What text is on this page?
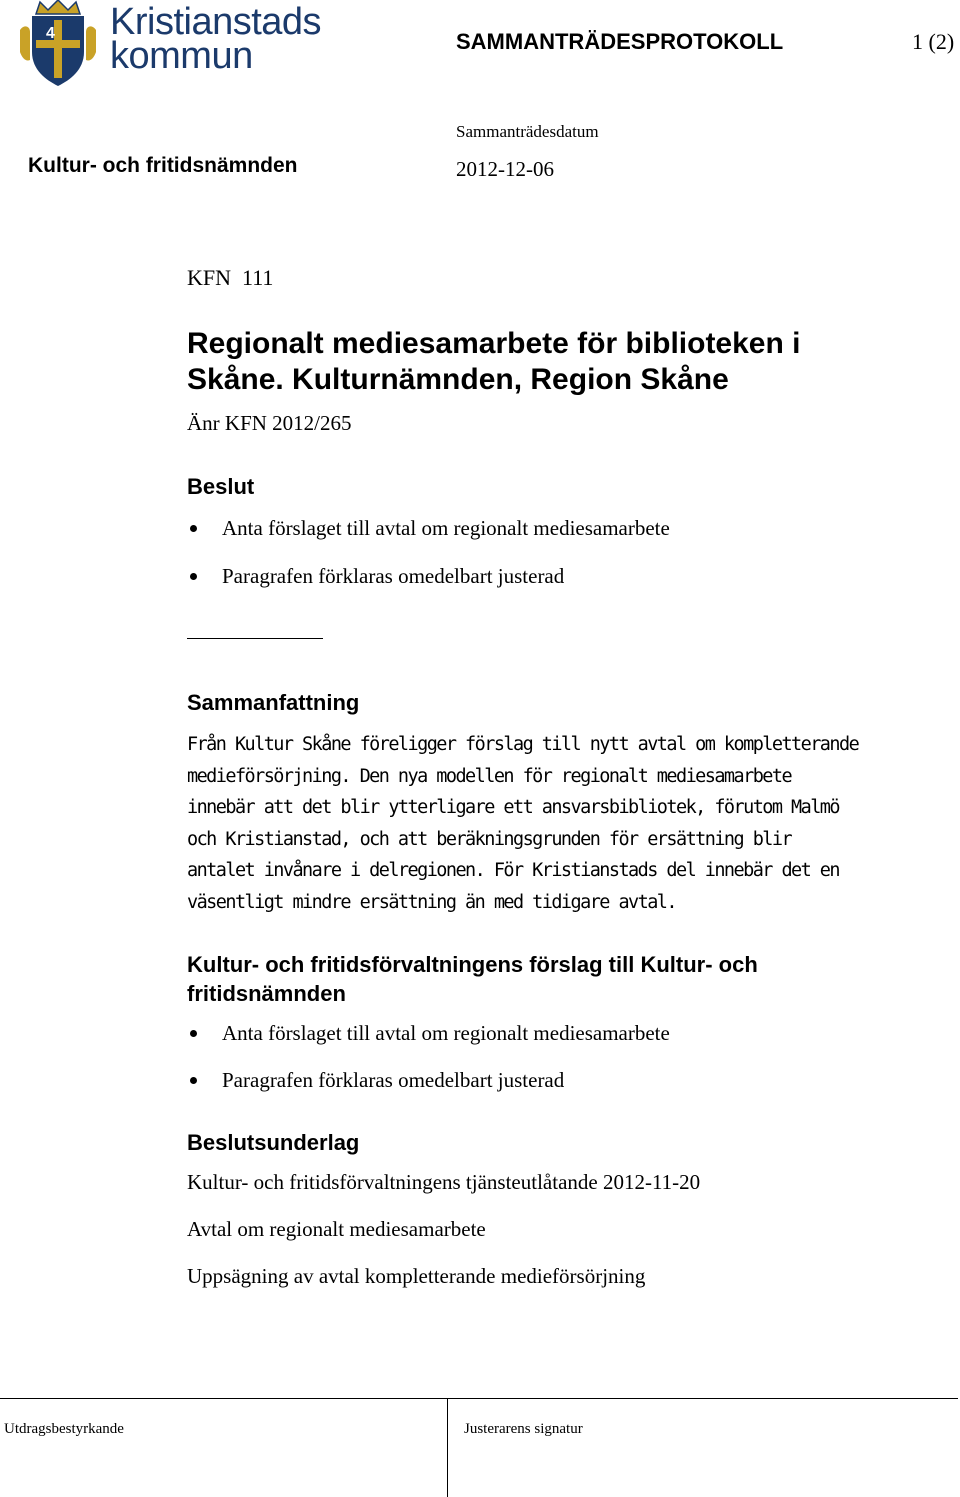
4 Kristianstads
kommun	SAMMANTRÄDESPROTOKOLL	1 (2)
Sammanträdesdatum
Kultur- och fritidsnämnden	2012-12-06
KFN  111
Regionalt mediesamarbete för biblioteken i Skåne. Kulturnämnden, Region Skåne
Änr KFN 2012/265
Beslut
Anta förslaget till avtal om regionalt mediesamarbete
Paragrafen förklaras omedelbart justerad
Sammanfattning
Från Kultur Skåne föreligger förslag till nytt avtal om kompletterande medieförsörjning. Den nya modellen för regionalt mediesamarbete innebär att det blir ytterligare ett ansvarsbibliotek, förutom Malmö och Kristianstad, och att beräkningsgrunden för ersättning blir antalet invånare i delregionen. För Kristianstads del innebär det en väsentligt mindre ersättning än med tidigare avtal.
Kultur- och fritidsförvaltningens förslag till Kultur- och fritidsnämnden
Anta förslaget till avtal om regionalt mediesamarbete
Paragrafen förklaras omedelbart justerad
Beslutsunderlag
Kultur- och fritidsförvaltningens tjänsteutlåtande 2012-11-20
Avtal om regionalt mediesamarbete
Uppsägning av avtal kompletterande medieförsörjning
Utdragsbestyrkande	Justerarens signatur
